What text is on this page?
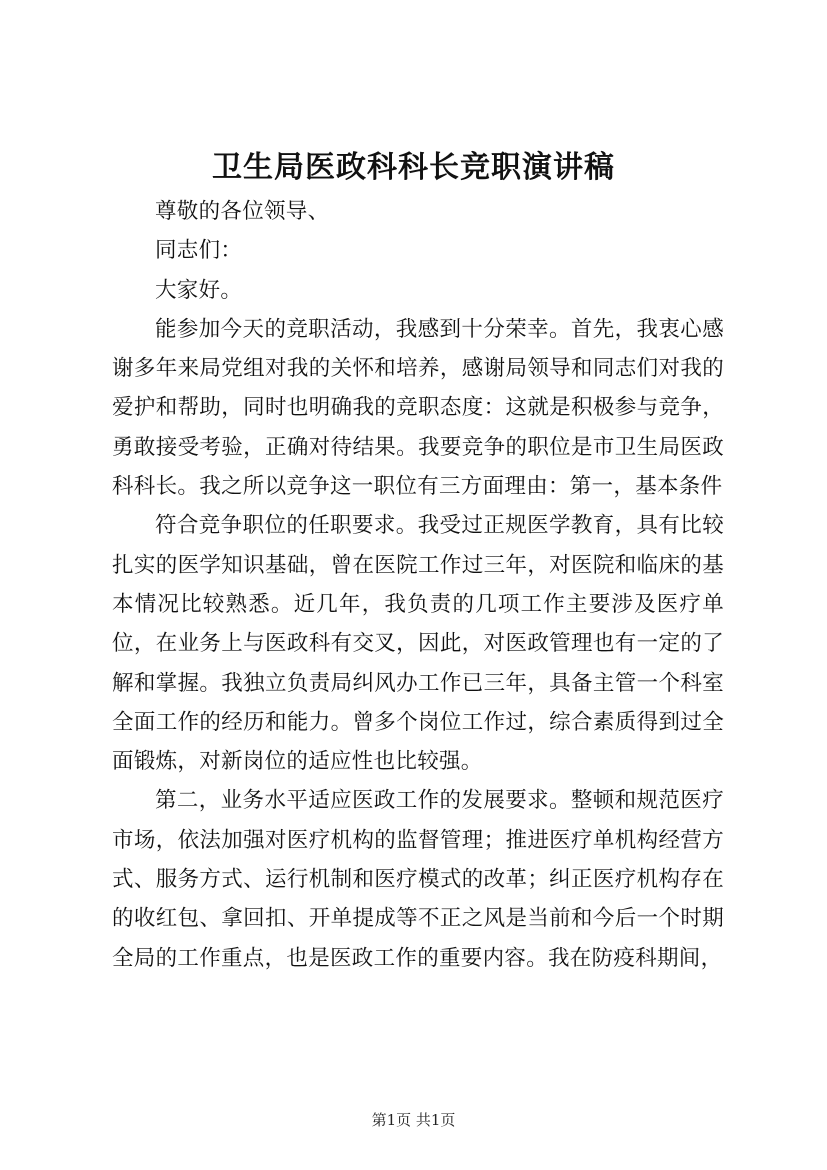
卫生局医政科科长竞职演讲稿

尊敬的各位领导、

同志们：

大家好。

能参加今天的竞职活动，我感到十分荣幸。首先，我衷心感谢多年来局党组对我的关怀和培养，感谢局领导和同志们对我的爱护和帮助，同时也明确我的竞职态度：这就是积极参与竞争，勇敢接受考验，正确对待结果。我要竞争的职位是市卫生局医政科科长。我之所以竞争这一职位有三方面理由：第一，基本条件

符合竞争职位的任职要求。我受过正规医学教育，具有比较扎实的医学知识基础，曾在医院工作过三年，对医院和临床的基本情况比较熟悉。近几年，我负责的几项工作主要涉及医疗单位，在业务上与医政科有交叉，因此，对医政管理也有一定的了解和掌握。我独立负责局纠风办工作已三年，具备主管一个科室全面工作的经历和能力。曾多个岗位工作过，综合素质得到过全面锻炼，对新岗位的适应性也比较强。

第二，业务水平适应医政工作的发展要求。整顿和规范医疗市场，依法加强对医疗机构的监督管理；推进医疗单机构经营方式、服务方式、运行机制和医疗模式的改革；纠正医疗机构存在的收红包、拿回扣、开单提成等不正之风是当前和今后一个时期全局的工作重点，也是医政工作的重要内容。我在防疫科期间，

第1页 共1页
